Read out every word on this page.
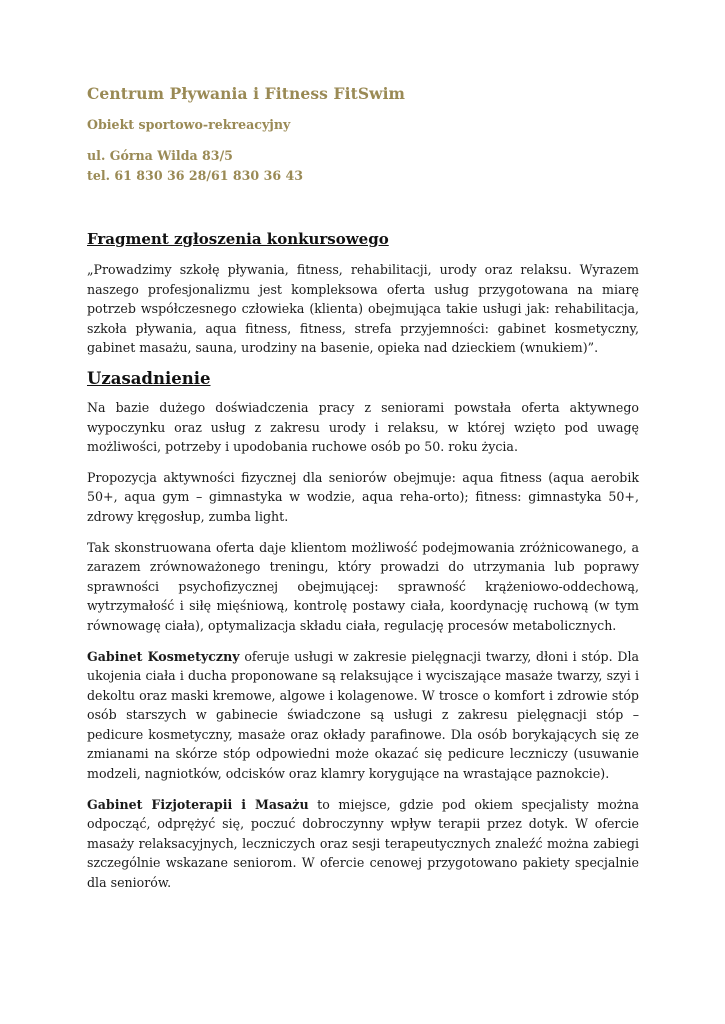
Centrum Pływania i Fitness FitSwim

Obiekt sportowo-rekreacyjny

ul. Górna Wilda 83/5

tel. 61 830 36 28/61 830 36 43

Fragment zgłoszenia konkursowego

„Prowadzimy szkołę pływania, fitness, rehabilitacji, urody oraz relaksu. Wyrazem naszego profesjonalizmu jest kompleksowa oferta usług przygotowana na miarę potrzeb współczesnego człowieka (klienta) obejmująca takie usługi jak: rehabilitacja, szkoła pływania, aqua fitness, fitness, strefa przyjemności: gabinet kosmetyczny, gabinet masażu, sauna, urodziny na basenie, opieka nad dzieckiem (wnukiem)”.

Uzasadnienie

Na bazie dużego doświadczenia pracy z seniorami powstała oferta aktywnego wypoczynku oraz usług z zakresu urody i relaksu, w której wzięto pod uwagę możliwości, potrzeby i upodobania ruchowe osób po 50. roku życia.

Propozycja aktywności fizycznej dla seniorów obejmuje: aqua fitness (aqua aerobik 50+, aqua gym – gimnastyka w wodzie, aqua reha-orto); fitness: gimnastyka 50+, zdrowy kręgosłup, zumba light.

Tak skonstruowana oferta daje klientom możliwość podejmowania zróżnicowanego, a zarazem zrównoważonego treningu, który prowadzi do utrzymania lub poprawy sprawności psychofizycznej obejmującej: sprawność krążeniowo-oddechową, wytrzymałość i siłę mięśniową, kontrolę postawy ciała, koordynację ruchową (w tym równowagę ciała), optymalizacja składu ciała, regulację procesów metabolicznych.

Gabinet Kosmetyczny oferuje usługi w zakresie pielęgnacji twarzy, dłoni i stóp. Dla ukojenia ciała i ducha proponowane są relaksujące i wyciszające masaże twarzy, szyi i dekoltu oraz maski kremowe, algowe i kolagenowe. W trosce o komfort i zdrowie stóp osób starszych w gabinecie świadczone są usługi z zakresu pielęgnacji stóp – pedicure kosmetyczny, masaże oraz okłady parafinowe. Dla osób borykających się ze zmianami na skórze stóp odpowiedni może okazać się pedicure leczniczy (usuwanie modzeli, nagniotków, odcisków oraz klamry korygujące na wrastające paznokcie).

Gabinet Fizjoterapii i Masażu to miejsce, gdzie pod okiem specjalisty można odpocząć, odprężyć się, poczuć dobroczynny wpływ terapii przez dotyk. W ofercie masaży relaksacyjnych, leczniczych oraz sesji terapeutycznych znaleźć można zabiegi szczególnie wskazane seniorom. W ofercie cenowej przygotowano pakiety specjalnie dla seniorów.
